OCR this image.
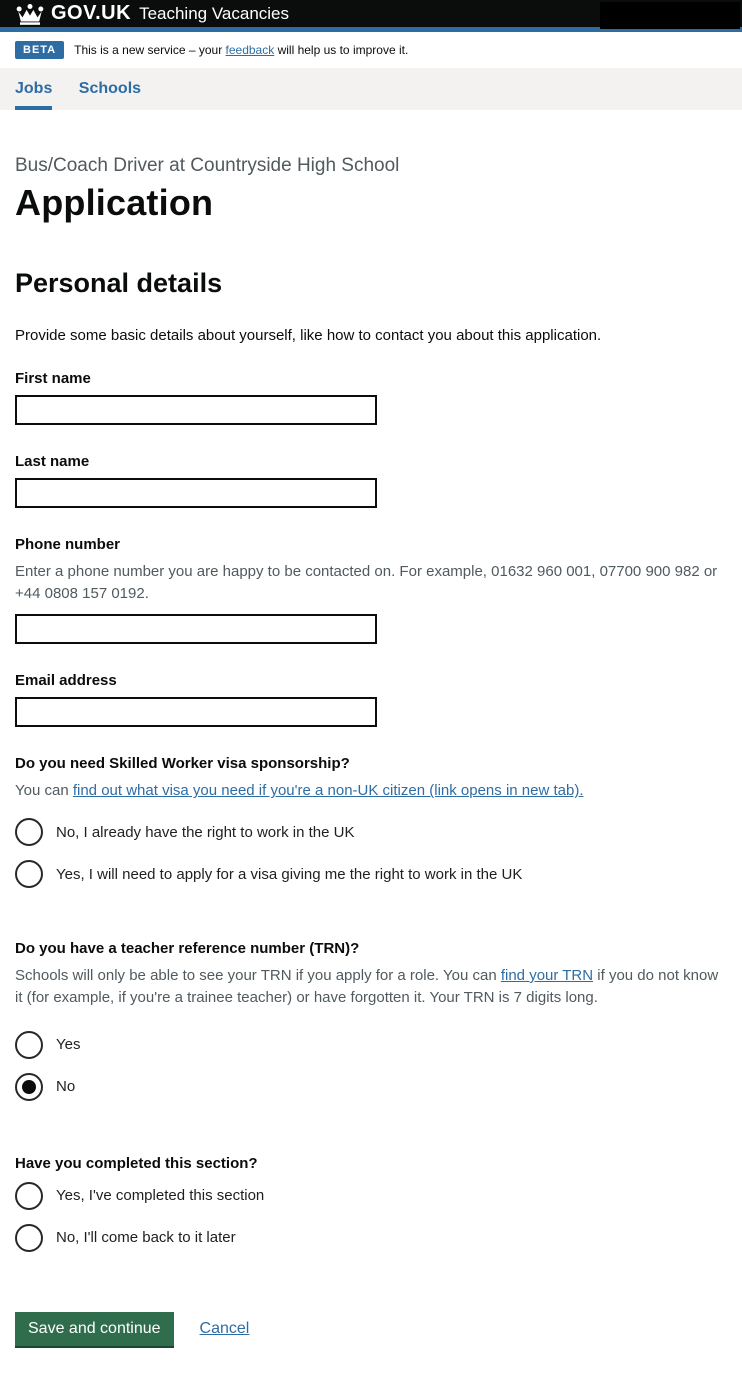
GOV.UK Teaching Vacancies
BETA	This is a new service – your feedback will help us to improve it.
Jobs Schools

Bus/Coach Driver at Countryside High School

Application
Personal details

Provide some basic details about yourself, like how to contact you about this application.

First name
Last name
Phone number

Enter a phone number you are happy to be contacted on. For example, 01632 960 001, 07700 900 982 or +44 0808 157 0192.

Email address
Do you need Skilled Worker visa sponsorship?

You can find out what visa you need if you're a non-UK citizen (link opens in new tab).

No, I already have the right to work in the UK
Yes, I will need to apply for a visa giving me the right to work in the UK
Do you have a teacher reference number (TRN)?

Schools will only be able to see your TRN if you apply for a role. You can find your TRN if you do not know it (for example, if you're a trainee teacher) or have forgotten it. Your TRN is 7 digits long.

Yes
No
Have you completed this section?
Yes, I've completed this section
No, I'll come back to it later
Save and continue	Cancel
